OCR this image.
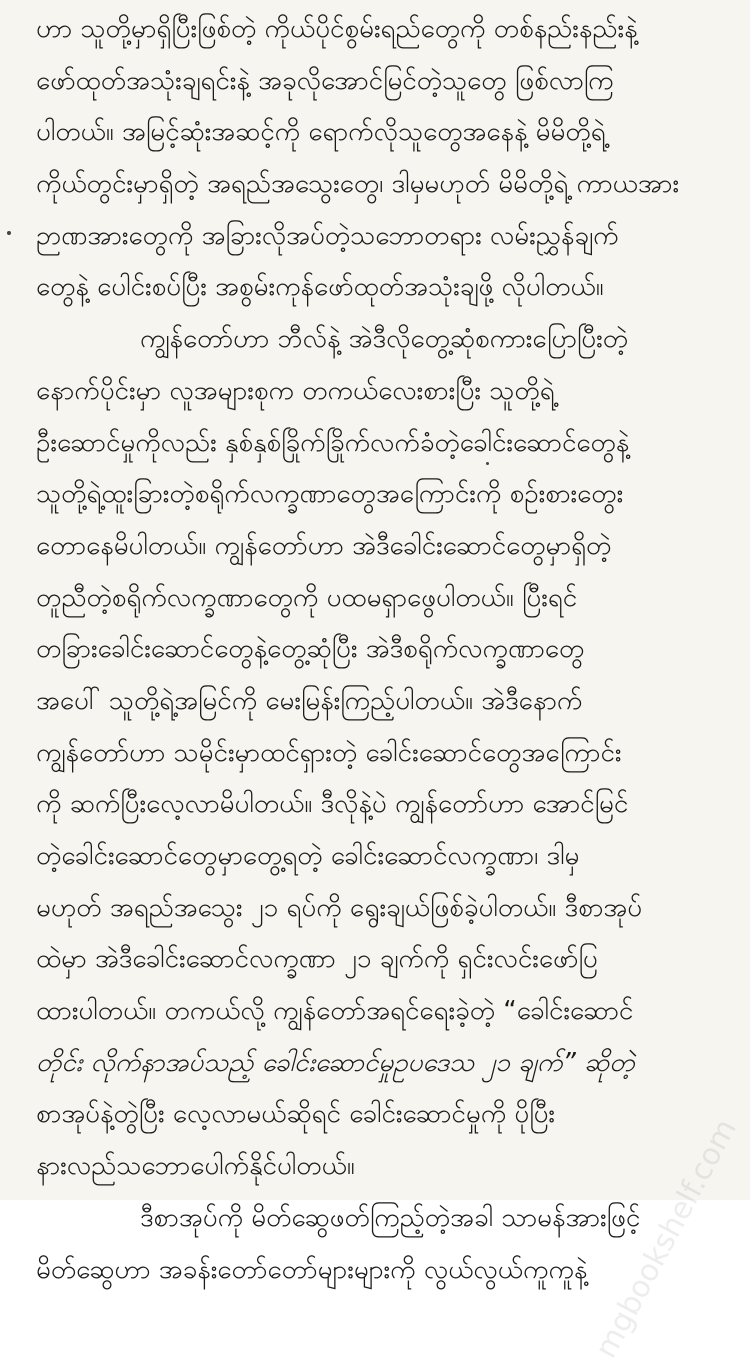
ဟာ သူတို့မှာရှိပြီးဖြစ်တဲ့ ကိုယ်ပိုင်စွမ်းရည်တွေကို တစ်နည်းနည်းနဲ့
ဖော်ထုတ်အသုံးချရင်းနဲ့ အခုလိုအောင်မြင်တဲ့သူတွေ ဖြစ်လာကြ
ပါတယ်။ အမြင့်ဆုံးအဆင့်ကို ရောက်လိုသူတွေအနေနဲ့ မိမိတို့ရဲ့
ကိုယ်တွင်းမှာရှိတဲ့ အရည်အသွေးတွေ၊ ဒါမှမဟုတ် မိမိတို့ရဲ့ ကာယအား
ဉာဏအားတွေကို အခြားလိုအပ်တဲ့သဘောတရား လမ်းညွှန်ချက်
တွေနဲ့ ပေါင်းစပ်ပြီး အစွမ်းကုန်ဖော်ထုတ်အသုံးချဖို့ လိုပါတယ်။
ကျွန်တော်ဟာ ဘီလ်နဲ့ အဲဒီလိုတွေ့ဆုံစကားပြောပြီးတဲ့
နောက်ပိုင်းမှာ လူအများစုက တကယ်လေးစားပြီး သူတို့ရဲ့
ဦးဆောင်မှုကိုလည်း နှစ်နှစ်ခြိုက်ခြိုက်လက်ခံတဲ့ခေါင်းဆောင်တွေနဲ့
သူတို့ရဲ့ထူးခြားတဲ့စရိုက်လက္ခဏာတွေအကြောင်းကို စဉ်းစားတွေး
တောနေမိပါတယ်။ ကျွန်တော်ဟာ အဲဒီခေါင်းဆောင်တွေမှာရှိတဲ့
တူညီတဲ့စရိုက်လက္ခဏာတွေကို ပထမရှာဖွေပါတယ်။ ပြီးရင်
တခြားခေါင်းဆောင်တွေနဲ့တွေ့ဆုံပြီး အဲဒီစရိုက်လက္ခဏာတွေ
အပေါ် သူတို့ရဲ့အမြင်ကို မေးမြန်းကြည့်ပါတယ်။ အဲဒီနောက်
ကျွန်တော်ဟာ သမိုင်းမှာထင်ရှားတဲ့ ခေါင်းဆောင်တွေအကြောင်း
ကို ဆက်ပြီးလေ့လာမိပါတယ်။ ဒီလိုနဲ့ပဲ ကျွန်တော်ဟာ အောင်မြင်
တဲ့ခေါင်းဆောင်တွေမှာတွေ့ရတဲ့ ခေါင်းဆောင်လက္ခဏာ၊ ဒါမှ
မဟုတ် အရည်အသွေး ၂၁ ရပ်ကို ရွေးချယ်ဖြစ်ခဲ့ပါတယ်။ ဒီစာအုပ်
ထဲမှာ အဲဒီခေါင်းဆောင်လက္ခဏာ ၂၁ ချက်ကို ရှင်းလင်းဖော်ပြ
ထားပါတယ်။ တကယ်လို့ ကျွန်တော်အရင်ရေးခဲ့တဲ့ “ခေါင်းဆောင်
တိုင်း လိုက်နာအပ်သည့် ခေါင်းဆောင်မှုဥပဒေသ ၂၁ ချက်” ဆိုတဲ့
စာအုပ်နဲ့တွဲပြီး လေ့လာမယ်ဆိုရင် ခေါင်းဆောင်မှုကို ပိုပြီး
နားလည်သဘောပေါက်နိုင်ပါတယ်။
ဒီစာအုပ်ကို မိတ်ဆွေဖတ်ကြည့်တဲ့အခါ သာမန်အားဖြင့်
မိတ်ဆွေဟာ အခန်းတော်တော်များများကို လွယ်လွယ်ကူကူနဲ့ mgbookshelf.com
